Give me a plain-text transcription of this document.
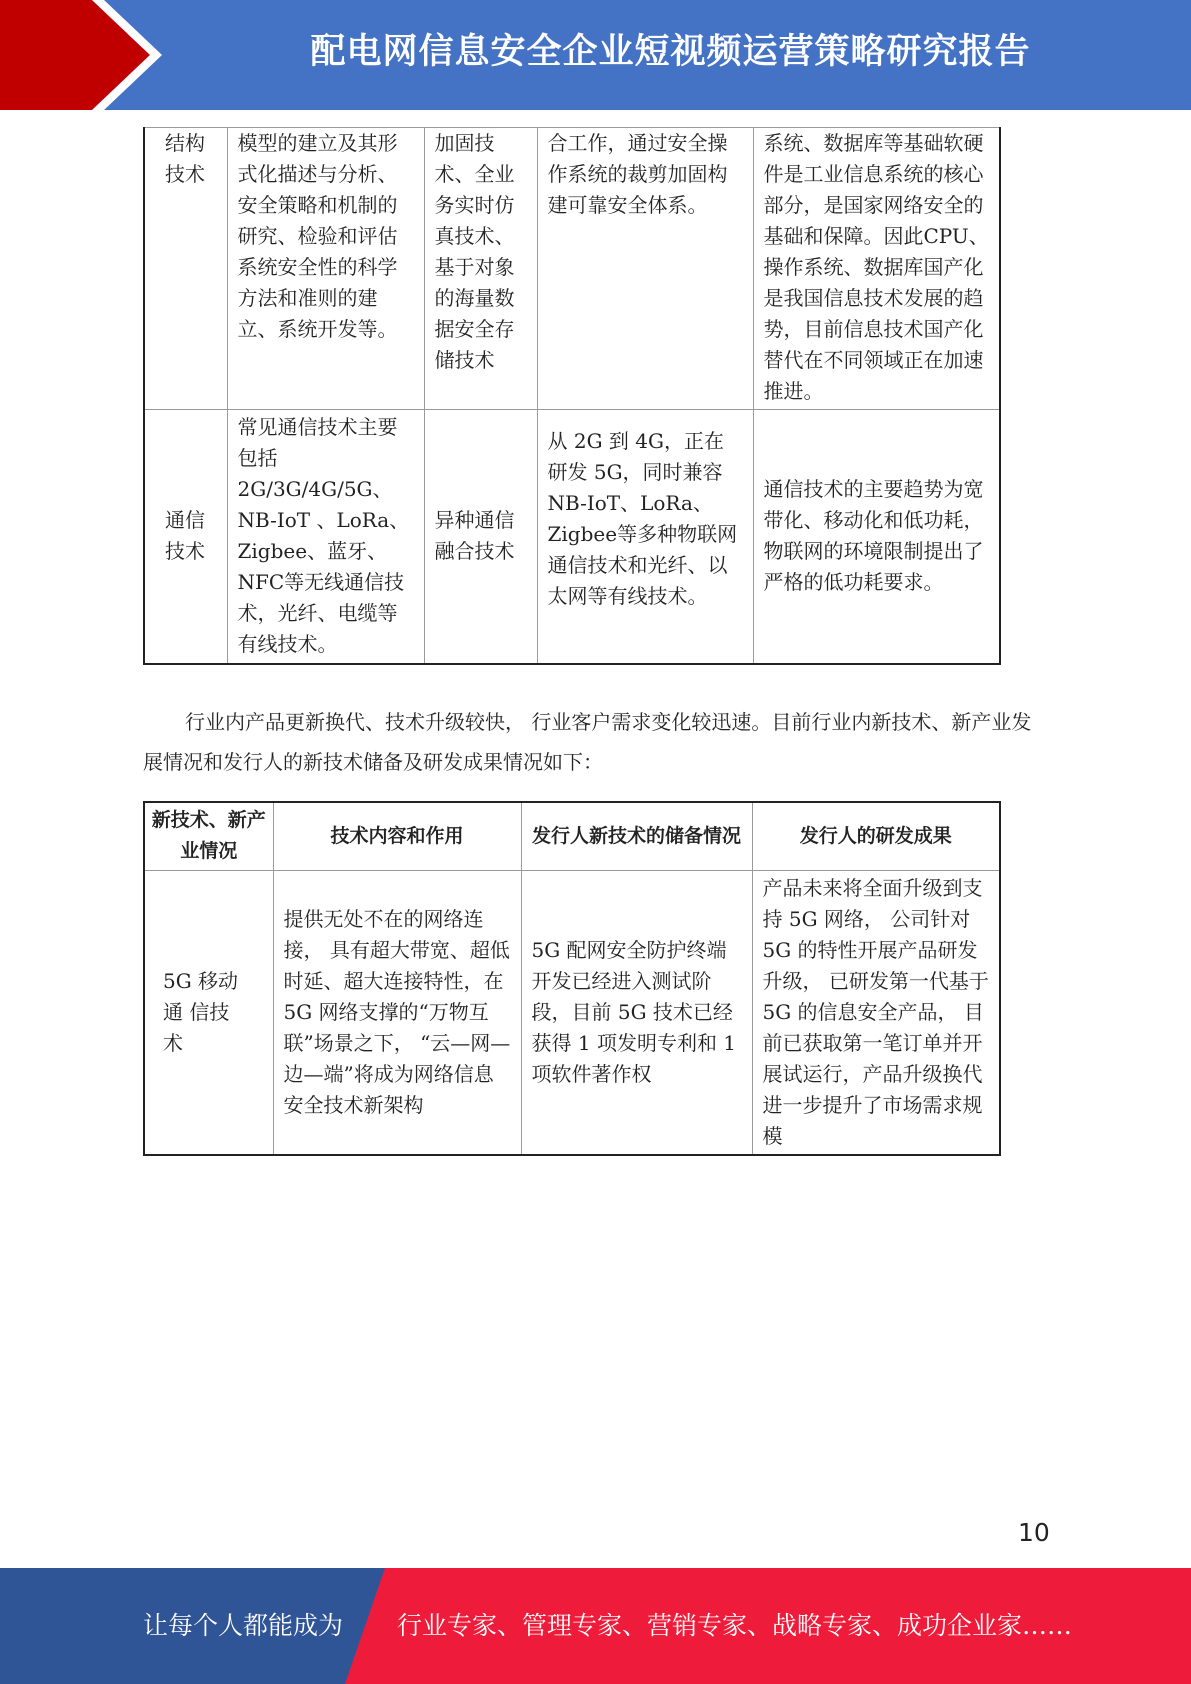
配电网信息安全企业短视频运营策略研究报告
结构技术	模型的建立及其形式化描述与分析、安全策略和机制的研究、检验和评估系统安全性的科学方法和准则的建立、系统开发等。	加固技术、全业务实时仿真技术、基于对象的海量数据安全存储技术	合工作，通过安全操作系统的裁剪加固构建可靠安全体系。	系统、数据库等基础软硬件是工业信息系统的核心部分，是国家网络安全的基础和保障。因此CPU、操作系统、数据库国产化是我国信息技术发展的趋势，目前信息技术国产化替代在不同领域正在加速推进。
通信技术	常见通信技术主要包括2G/3G/4G/5G、NB-IoT 、LoRa、Zigbee、蓝牙、 NFC等无线通信技术，光纤、电缆等有线技术。	异种通信融合技术	从 2G 到 4G，正在研发 5G，同时兼容NB-IoT、LoRa、Zigbee等多种物联网通信技术和光纤、以太网等有线技术。	通信技术的主要趋势为宽带化、移动化和低功耗，物联网的环境限制提出了严格的低功耗要求。
行业内产品更新换代、技术升级较快， 行业客户需求变化较迅速。目前行业内新技术、新产业发展情况和发行人的新技术储备及研发成果情况如下：
新技术、新产业情况	技术内容和作用	发行人新技术的储备情况	发行人的研发成果
5G 移动 通 信技 术	提供无处不在的网络连接， 具有超大带宽、超低时延、超大连接特性，在5G 网络支撑的“万物互联”场景之下， “云—网—边—端”将成为网络信息安全技术新架构	5G 配网安全防护终端开发已经进入测试阶段，目前 5G 技术已经获得 1 项发明专利和 1 项软件著作权	产品未来将全面升级到支持 5G 网络， 公司针对5G 的特性开展产品研发升级， 已研发第一代基于5G 的信息安全产品， 目前已获取第一笔订单并开展试运行，产品升级换代进一步提升了市场需求规模
10
让每个人都能成为 行业专家、管理专家、营销专家、战略专家、成功企业家……
